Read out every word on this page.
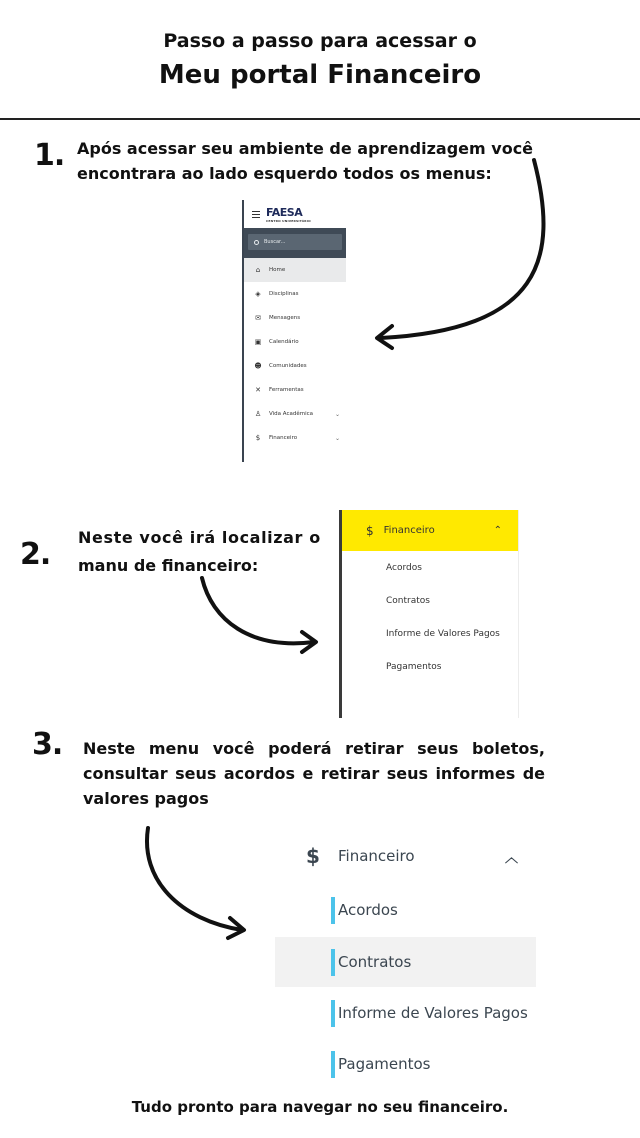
Passo a passo para acessar o
Meu portal Financeiro
1. Após acessar seu ambiente de aprendizagem você
encontrara ao lado esquerdo todos os menus:
FAESA
CENTRO UNIVERSITÁRIO
Buscar...
⌂	Home
◈ Disciplinas
✉ Mensagens
▣ Calendário
☻ Comunidades
✕ Ferramentas
♙ Vida Acadêmica	⌄
$	Financeiro	⌄
2. Neste você irá localizar o
manu de financeiro:
$ Financeiro	⌃
Acordos
Contratos
Informe de Valores Pagos
Pagamentos
3. Neste menu você poderá retirar seus boletos,
consultar seus acordos e retirar seus informes de
valores pagos
$ Financeiro	︿
Acordos
Contratos
Informe de Valores Pagos
Pagamentos
Tudo pronto para navegar no seu financeiro.
